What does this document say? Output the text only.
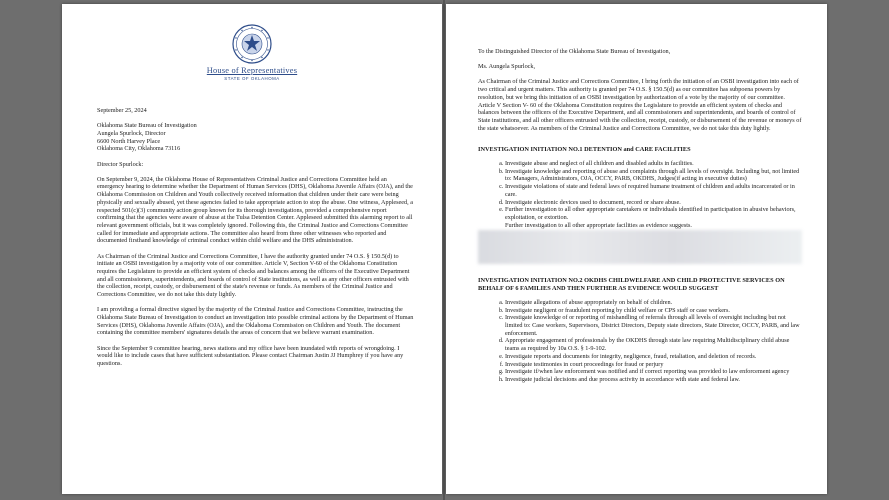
House of Representatives
STATE OF OKLAHOMA

September 25, 2024

Oklahoma State Bureau of Investigation

Aungela Spurlock, Director

6600 North Harvey Place

Oklahoma City, Oklahoma 73116

Director Spurlock:

On September 9, 2024, the Oklahoma House of Representatives Criminal Justice and Corrections Committee held an emergency hearing to determine whether the Department of Human Services (DHS), Oklahoma Juvenile Affairs (OJA), and the Oklahoma Commission on Children and Youth collectively received information that children under their care were being physically and sexually abused, yet these agencies failed to take appropriate action to stop the abuse. One witness, Appleseed, a respected 501(c)(3) community action group known for its thorough investigations, provided a comprehensive report confirming that the agencies were aware of abuse at the Tulsa Detention Center. Appleseed submitted this alarming report to all relevant government officials, but it was completely ignored. Following this, the Criminal Justice and Corrections Committee called for immediate and appropriate actions. The committee also heard from three other witnesses who reported and documented firsthand knowledge of criminal conduct within child welfare and the DHS administration.

As Chairman of the Criminal Justice and Corrections Committee, I have the authority granted under 74 O.S. § 150.5(d) to initiate an OSBI investigation by a majority vote of our committee. Article V, Section V-60 of the Oklahoma Constitution requires the Legislature to provide an efficient system of checks and balances among the officers of the Executive Department and all commissioners, superintendents, and boards of control of State institutions, as well as any other officers entrusted with the collection, receipt, custody, or disbursement of the state's revenue or funds. As members of the Criminal Justice and Corrections Committee, we do not take this duty lightly.

I am providing a formal directive signed by the majority of the Criminal Justice and Corrections Committee, instructing the Oklahoma State Bureau of Investigation to conduct an investigation into possible criminal actions by the Department of Human Services (DHS), Oklahoma Juvenile Affairs (OJA), and the Oklahoma Commission on Children and Youth. The document containing the committee members' signatures details the areas of concern that we believe warrant examination.

Since the September 9 committee hearing, news stations and my office have been inundated with reports of wrongdoing. I would like to include cases that have sufficient substantiation. Please contact Chairman Justin JJ Humphrey if you have any questions.

To the Distinguished Director of the Oklahoma State Bureau of Investigation,

Ms. Aungela Spurlock,

As Chairman of the Criminal Justice and Corrections Committee, I bring forth the initiation of an OSBI investigation into each of two critical and urgent matters. This authority is granted per 74 O.S. § 150.5(d) as our committee has subpoena powers by resolution, but we bring this initiation of an OSBI investigation by authorization of a vote by the majority of our committee. Article V Section V- 60 of the Oklahoma Constitution requires the Legislature to provide an efficient system of checks and balances between the officers of the Executive Department, and all commissioners and superintendents, and boards of control of State institutions, and all other officers entrusted with the collection, receipt, custody, or disbursement of the revenue or moneys of the state whatsoever. As members of the Criminal Justice and Corrections Committee, we do not take this duty lightly.

INVESTIGATION INITIATION NO.1 DETENTION and CARE FACILITIES

a. Investigate abuse and neglect of all children and disabled adults in facilities.
b. Investigate knowledge and reporting of abuse and complaints through all levels of oversight. Including but, not limited to: Managers, Administrators, OJA, OCCY, PARB, OKDHS, Judges(if acting in executive duties)
c. Investigate violations of state and federal laws of required humane treatment of children and adults incarcerated or in care.
d. Investigate electronic devices used to document, record or share abuse.
e. Further investigation to all other appropriate caretakers or individuals identified in participation in abusive behaviors, exploitation, or extortion.
f. Further investigation to all other appropriate facilities as evidence suggests.

INVESTIGATION INITIATION NO.2 OKDHS CHILDWELFARE AND CHILD PROTECTIVE SERVICES ON BEHALF OF 6 FAMILIES AND THEN FURTHER AS EVIDENCE WOULD SUGGEST

a. Investigate allegations of abuse appropriately on behalf of children.
b. Investigate negligent or fraudulent reporting by child welfare or CPS staff or case workers.
c. Investigate knowledge of or reporting of mishandling of referrals through all levels of oversight including but not limited to: Case workers, Supervisors, District Directors, Deputy state directors, State Director, OCCY, PARB, and law enforcement.
d. Appropriate engagement of professionals by the OKDHS through state law requiring Multidisciplinary child abuse teams as required by 10a O.S. § 1-9-102.
e. Investigate reports and documents for integrity, negligence, fraud, retaliation, and deletion of records.
f. Investigate testimonies in court proceedings for fraud or perjury
g. Investigate if/when law enforcement was notified and if correct reporting was provided to law enforcement agency
h. Investigate judicial decisions and due process activity in accordance with state and federal law.
